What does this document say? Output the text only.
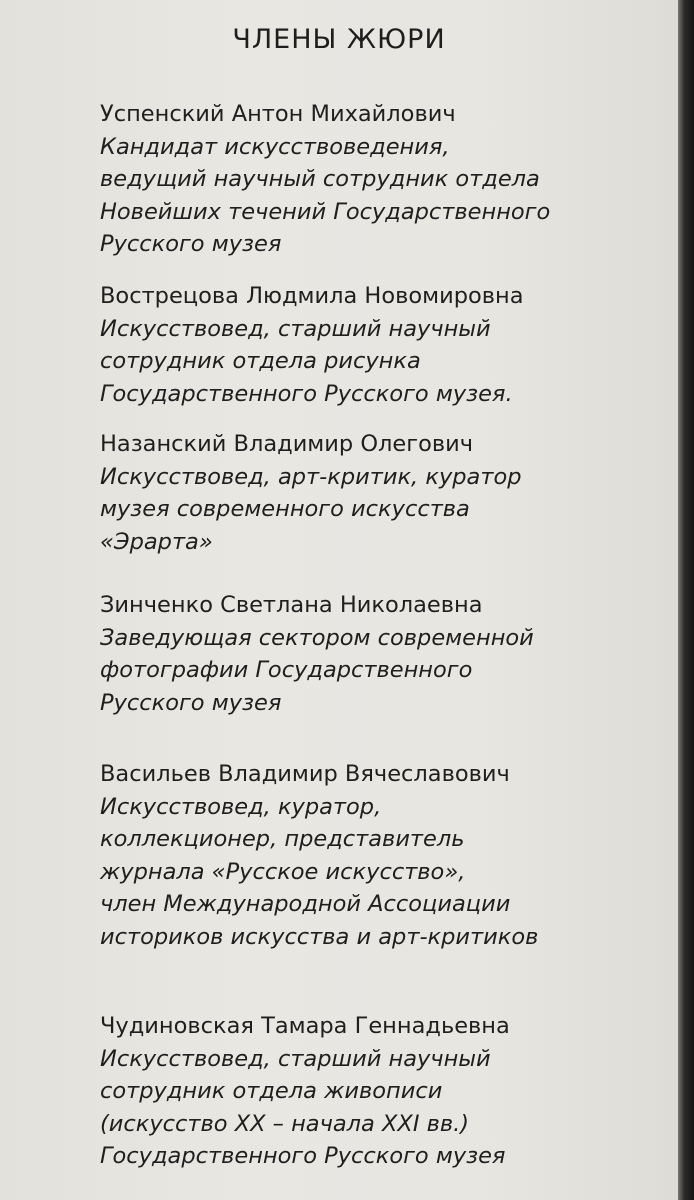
ЧЛЕНЫ ЖЮРИ
Успенский Антон Михайлович
Кандидат искусствоведения,
ведущий научный сотрудник отдела
Новейших течений Государственного
Русского музея
Вострецова Людмила Новомировна
Искусствовед, старший научный
сотрудник отдела рисунка
Государственного Русского музея.
Назанский Владимир Олегович
Искусствовед, арт-критик, куратор
музея современного искусства
«Эрарта»
Зинченко Светлана Николаевна
Заведующая сектором современной
фотографии Государственного
Русского музея
Васильев Владимир Вячеславович
Искусствовед, куратор,
коллекционер, представитель
журнала «Русское искусство»,
член Международной Ассоциации
историков искусства и арт-критиков
Чудиновская Тамара Геннадьевна
Искусствовед, старший научный
сотрудник отдела живописи
(искусство XX – начала XXI вв.)
Государственного Русского музея
